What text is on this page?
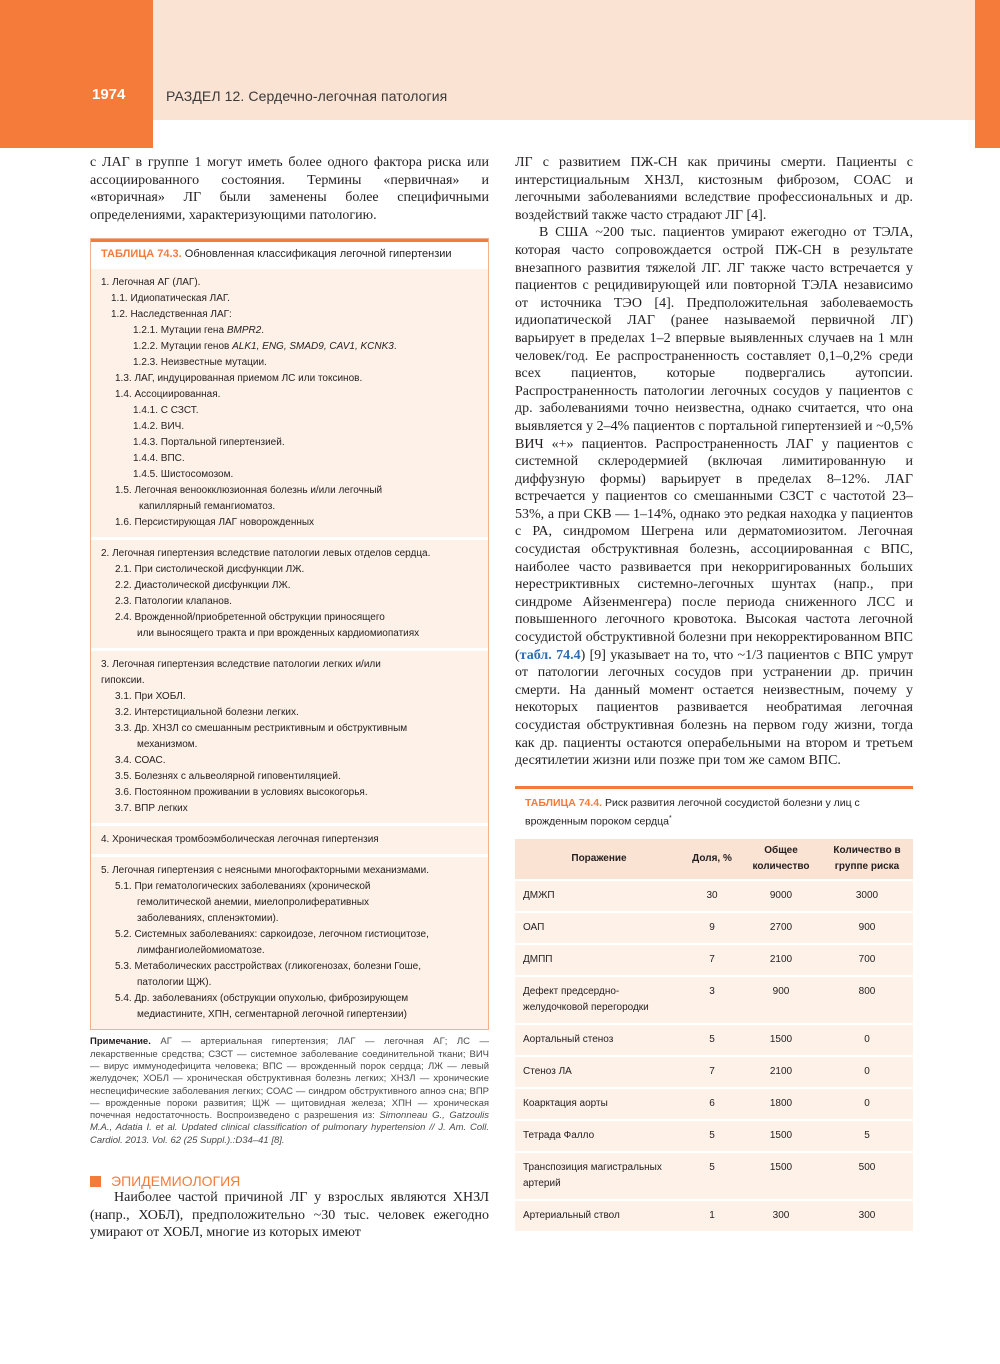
1974	РАЗДЕЛ 12. Сердечно-легочная патология

с ЛАГ в группе 1 могут иметь более одного фактора риска или ассоциированного состояния. Термины «первичная» и «вторичная» ЛГ были заменены более специфичными определениями, характеризующими патологию.

ТАБЛИЦА 74.3. Обновленная классификация легочной гипертензии
1. Легочная АГ (ЛАГ).
1.1. Идиопатическая ЛАГ.
1.2. Наследственная ЛАГ:
1.2.1. Мутации гена BMPR2.
1.2.2. Мутации генов ALK1, ENG, SMAD9, CAV1, KCNK3.
1.2.3. Неизвестные мутации.
1.3. ЛАГ, индуцированная приемом ЛС или токсинов.
1.4. Ассоциированная.
1.4.1. С СЗСТ.
1.4.2. ВИЧ.
1.4.3. Портальной гипертензией.
1.4.4. ВПС.
1.4.5. Шистосомозом.
1.5. Легочная веноокклюзионная болезнь и/или легочный
капиллярный гемангиоматоз.
1.6. Персистирующая ЛАГ новорожденных
2. Легочная гипертензия вследствие патологии левых отделов сердца.
2.1. При систолической дисфункции ЛЖ.
2.2. Диастолической дисфункции ЛЖ.
2.3. Патологии клапанов.
2.4. Врожденной/приобретенной обструкции приносящего
или выносящего тракта и при врожденных кардиомиопатиях
3. Легочная гипертензия вследствие патологии легких и/или
гипоксии.
3.1. При ХОБЛ.
3.2. Интерстициальной болезни легких.
3.3. Др. ХНЗЛ со смешанным рестриктивным и обструктивным
механизмом.
3.4. СОАС.
3.5. Болезнях с альвеолярной гиповентиляцией.
3.6. Постоянном проживании в условиях высокогорья.
3.7. ВПР легких
4. Хроническая тромбоэмболическая легочная гипертензия
5. Легочная гипертензия с неясными многофакторными механизмами.
5.1. При гематологических заболеваниях (хронической
гемолитической анемии, миелопролиферативных
заболеваниях, спленэктомии).
5.2. Системных заболеваниях: саркоидозе, легочном гистиоцитозе,
лимфангиолейомиоматозе.
5.3. Метаболических расстройствах (гликогенозах, болезни Гоше,
патологии ЩЖ).
5.4. Др. заболеваниях (обструкции опухолью, фиброзирующем
медиастините, ХПН, сегментарной легочной гипертензии)
Примечание. АГ — артериальная гипертензия; ЛАГ — легочная АГ; ЛС — лекарственные средства; СЗСТ — системное заболевание соединительной ткани; ВИЧ — вирус иммунодефицита человека; ВПС — врожденный порок сердца; ЛЖ — левый желудочек; ХОБЛ — хроническая обструктивная болезнь легких; ХНЗЛ — хронические неспецифические заболевания легких; СОАС — синдром обструктивного апноэ сна; ВПР — врожденные пороки развития; ЩЖ — щитовидная железа; ХПН — хроническая почечная недостаточность. Воспроизведено с разрешения из: Simonneau G., Gatzoulis M.A., Adatia I. et al. Updated clinical classification of pulmonary hypertension // J. Am. Coll. Cardiol. 2013. Vol. 62 (25 Suppl.).:D34–41 [8].
ЭПИДЕМИОЛОГИЯ

Наиболее частой причиной ЛГ у взрослых являются ХНЗЛ (напр., ХОБЛ), предположительно ~30 тыс. человек ежегодно умирают от ХОБЛ, многие из которых имеют

ЛГ с развитием ПЖ-СН как причины смерти. Пациенты с интерстициальным ХНЗЛ, кистозным фиброзом, СОАС и легочными заболеваниями вследствие профессиональных и др. воздействий также часто страдают ЛГ [4].

В США ~200 тыс. пациентов умирают ежегодно от ТЭЛА, которая часто сопровождается острой ПЖ-СН в результате внезапного развития тяжелой ЛГ. ЛГ также часто встречается у пациентов с рецидивирующей или повторной ТЭЛА независимо от источника ТЭО [4]. Предположительная заболеваемость идиопатической ЛАГ (ранее называемой первичной ЛГ) варьирует в пределах 1–2 впервые выявленных случаев на 1 млн человек/год. Ее распространенность составляет 0,1–0,2% среди всех пациентов, которые подвергались аутопсии. Распространенность патологии легочных сосудов у пациентов с др. заболеваниями точно неизвестна, однако считается, что она выявляется у 2–4% пациентов с портальной гипертензией и ~0,5% ВИЧ «+» пациентов. Распространенность ЛАГ у пациентов с системной склеродермией (включая лимитированную и диффузную формы) варьирует в пределах 8–12%. ЛАГ встречается у пациентов со смешанными СЗСТ с частотой 23–53%, а при СКВ — 1–14%, однако это редкая находка у пациентов с РА, синдромом Шегрена или дерматомиозитом. Легочная сосудистая обструктивная болезнь, ассоциированная с ВПС, наиболее часто развивается при некорригированных больших нерестриктивных системно-легочных шунтах (напр., при синдроме Айзенменгера) после периода сниженного ЛСС и повышенного легочного кровотока. Высокая частота легочной сосудистой обструктивной болезни при некорректированном ВПС (табл. 74.4) [9] указывает на то, что ~1/3 пациентов с ВПС умрут от патологии легочных сосудов при устранении др. причин смерти. На данный момент остается неизвестным, почему у некоторых пациентов развивается необратимая легочная сосудистая обструктивная болезнь на первом году жизни, тогда как др. пациенты остаются операбельными на втором и третьем десятилетии жизни или позже при том же самом ВПС.

ТАБЛИЦА 74.4. Риск развития легочной сосудистой болезни у лиц с врожденным пороком сердца*
Поражение	Доля, %	Общее количество	Количество в группе риска
ДМЖП	30	9000	3000
ОАП	9	2700	900
ДМПП	7	2100	700
Дефект предсердно-желудочковой перегородки	3	900	800
Аортальный стеноз	5	1500	0
Стеноз ЛА	7	2100	0
Коарктация аорты	6	1800	0
Тетрада Фалло	5	1500	5
Транспозиция магистральных артерий	5	1500	500
Артериальный ствол	1	300	300
